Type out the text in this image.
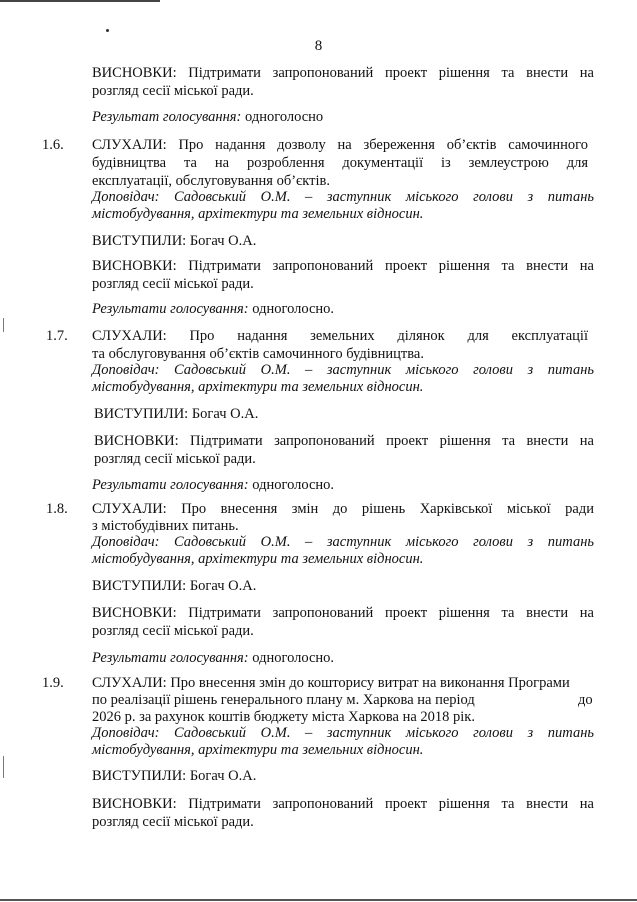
8

ВИСНОВКИ: Підтримати запропонований проект рішення та внести на

розгляд сесії міської ради.

Результат голосування: одноголосно

1.6. СЛУХАЛИ: Про надання дозволу на збереження об’єктів самочинного

будівництва та на розроблення документації із землеустрою для

експлуатації, обслуговування об’єктів.

Доповідач: Садовський О.М. – заступник міського голови з питань

містобудування, архітектури та земельних відносин.

ВИСТУПИЛИ: Богач О.А.

ВИСНОВКИ: Підтримати запропонований проект рішення та внести на

розгляд сесії міської ради.

Результати голосування: одноголосно.

1.7. СЛУХАЛИ: Про надання земельних ділянок для експлуатації

та обслуговування об’єктів самочинного будівництва.

Доповідач: Садовський О.М. – заступник міського голови з питань

містобудування, архітектури та земельних відносин.

ВИСТУПИЛИ: Богач О.А.

ВИСНОВКИ: Підтримати запропонований проект рішення та внести на

розгляд сесії міської ради.

Результати голосування: одноголосно.

1.8. СЛУХАЛИ: Про внесення змін до рішень Харківської міської ради

з містобудівних питань.

Доповідач: Садовський О.М. – заступник міського голови з питань

містобудування, архітектури та земельних відносин.

ВИСТУПИЛИ: Богач О.А.

ВИСНОВКИ: Підтримати запропонований проект рішення та внести на

розгляд сесії міської ради.

Результати голосування: одноголосно.

1.9. СЛУХАЛИ: Про внесення змін до кошторису витрат на виконання Програми

по реалізації рішень генерального плану м. Харкова на період	до

2026 р. за рахунок коштів бюджету міста Харкова на 2018 рік.

Доповідач: Садовський О.М. – заступник міського голови з питань

містобудування, архітектури та земельних відносин.

ВИСТУПИЛИ: Богач О.А.

ВИСНОВКИ: Підтримати запропонований проект рішення та внести на

розгляд сесії міської ради.
